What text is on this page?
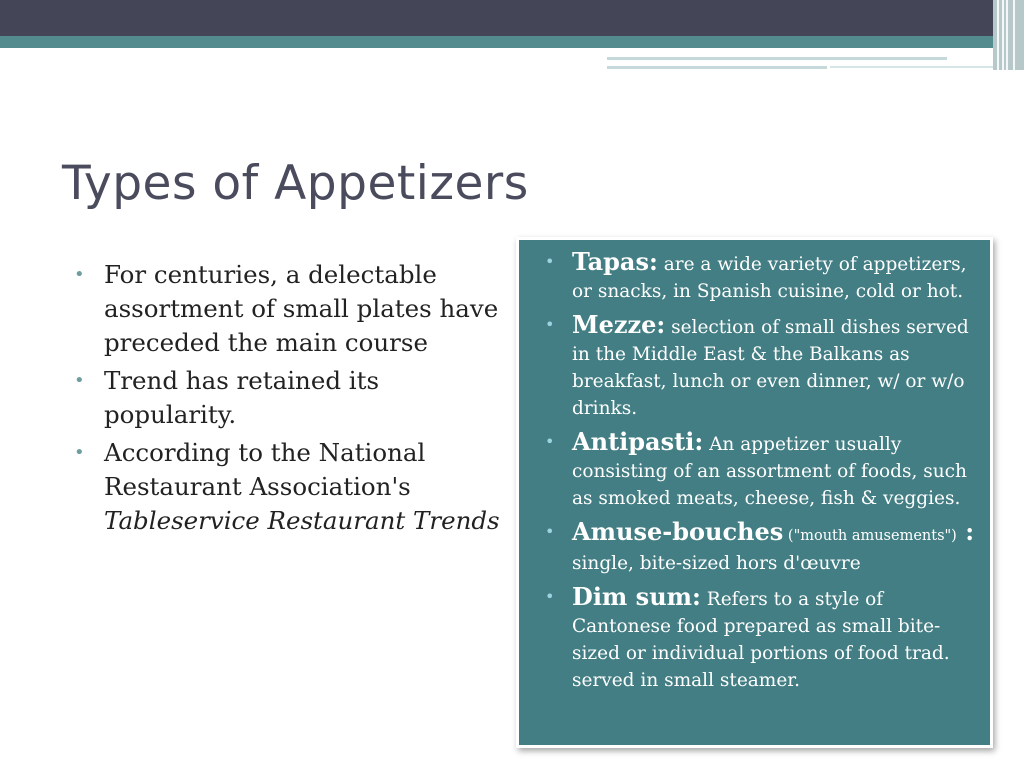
Types of Appetizers
• For centuries, a delectable assortment of small plates have preceded the main course
• Trend has retained its popularity.
• According to the National Restaurant Association's Tableservice Restaurant Trends
• Tapas: are a wide variety of appetizers, or snacks, in Spanish cuisine, cold or hot.
• Mezze: selection of small dishes served in the Middle East & the Balkans as breakfast, lunch or even dinner, w/ or w/o drinks.
• Antipasti: An appetizer usually consisting of an assortment of foods, such as smoked meats, cheese, fish & veggies.
• Amuse-bouches ("mouth amusements") : single, bite-sized hors d'œuvre
• Dim sum: Refers to a style of Cantonese food prepared as small bite-sized or individual portions of food trad. served in small steamer.
